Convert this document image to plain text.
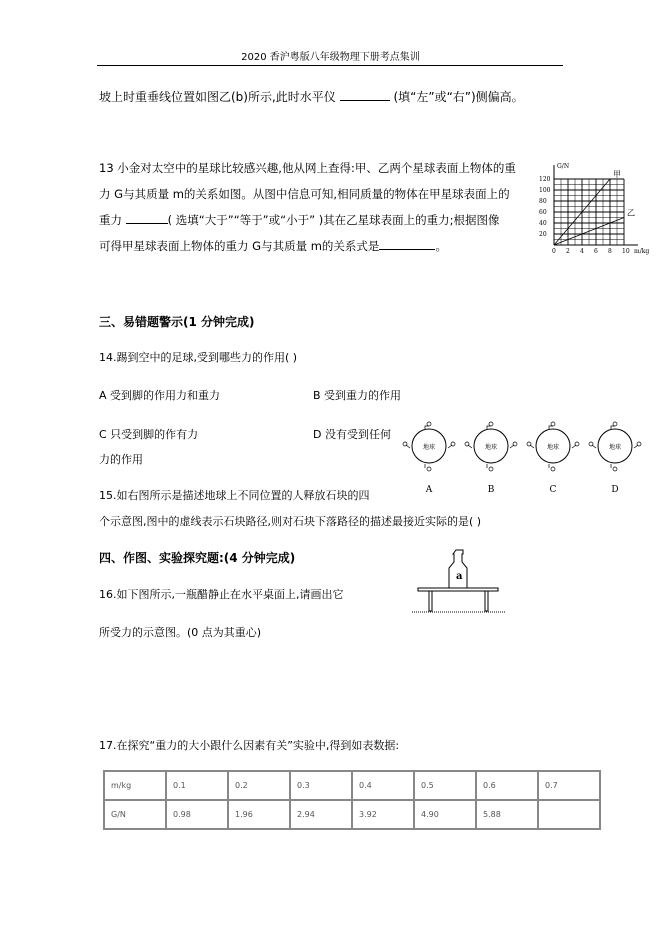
2020 香沪粤版八年级物理下册考点集训
坡上时重垂线位置如图乙(b)所示,此时水平仪	(填“左”或“右”)侧偏高。
13 小金对太空中的星球比较感兴趣,他从网上查得:甲、乙两个星球表面上物体的重
力 G与其质量 m的关系如图。从图中信息可知,相同质量的物体在甲星球表面上的
重力	( 选填“大于”“等于”或“小于” )其在乙星球表面上的重力;根据图像
可得甲星球表面上物体的重力 G与其质量 m的关系式是	。
120
100
80
60
40
20
0 2 4 6 8 10
G/N
m/kg
甲
乙
三、易错题警示(1 分钟完成)
14.踢到空中的足球,受到哪些力的作用( )
A 受到脚的作用力和重力	B 受到重力的作用
C 只受到脚的作有力	D 没有受到任何
力的作用
地球
A
地球
B
地球
C
地球
D
15.如右图所示是描述地球上不同位置的人释放石块的四
个示意图,图中的虚线表示石块路径,则对石块下落路径的描述最接近实际的是( )
四、作图、实验探究题:(4 分钟完成)
16.如下图所示,一瓶醋静止在水平桌面上,请画出它
所受力的示意图。(0 点为其重心)
a
17.在探究“重力的大小跟什么因素有关”实验中,得到如表数据:
m/kg	0.1	0.2	0.3	0.4	0.5	0.6	0.7
G/N	0.98	1.96	2.94	3.92	4.90	5.88	
